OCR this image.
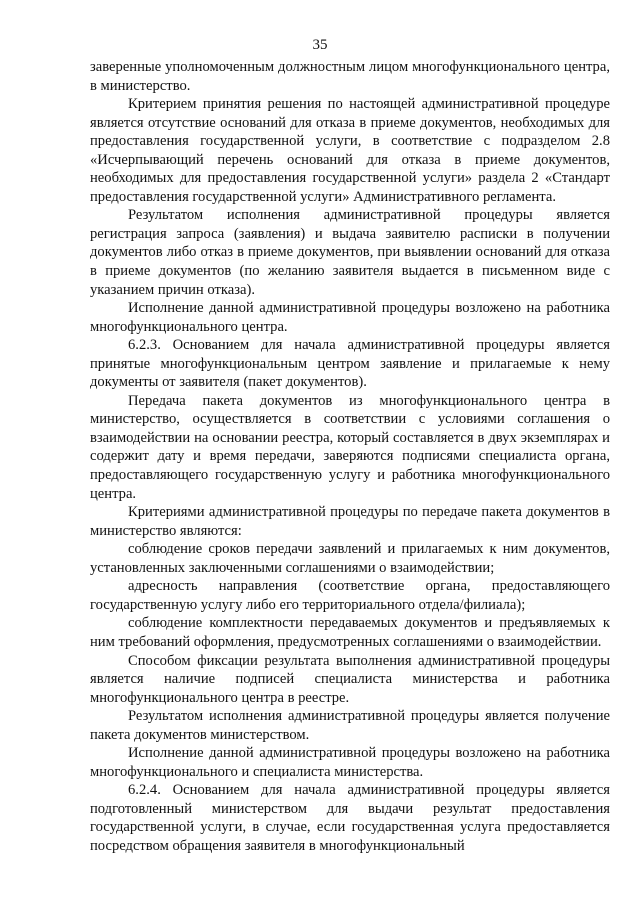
35

заверенные уполномоченным должностным лицом многофункционального центра, в министерство.

Критерием принятия решения по настоящей административной процедуре является отсутствие оснований для отказа в приеме документов, необходимых для предоставления государственной услуги, в соответствие с подразделом 2.8 «Исчерпывающий перечень оснований для отказа в приеме документов, необходимых для предоставления государственной услуги» раздела 2 «Стандарт предоставления государственной услуги» Административного регламента.

Результатом исполнения административной процедуры является регистрация запроса (заявления) и выдача заявителю расписки в получении документов либо отказ в приеме документов, при выявлении оснований для отказа в приеме документов (по желанию заявителя выдается в письменном виде с указанием причин отказа).

Исполнение данной административной процедуры возложено на работника многофункционального центра.

6.2.3. Основанием для начала административной процедуры является принятые многофункциональным центром заявление и прилагаемые к нему документы от заявителя (пакет документов).

Передача пакета документов из многофункционального центра в министерство, осуществляется в соответствии с условиями соглашения о взаимодействии на основании реестра, который составляется в двух экземплярах и содержит дату и время передачи, заверяются подписями специалиста органа, предоставляющего государственную услугу и работника многофункционального центра.

Критериями административной процедуры по передаче пакета документов в министерство являются:

соблюдение сроков передачи заявлений и прилагаемых к ним документов, установленных заключенными соглашениями о взаимодействии;

адресность направления (соответствие органа, предоставляющего государственную услугу либо его территориального отдела/филиала);

соблюдение комплектности передаваемых документов и предъявляемых к ним требований оформления, предусмотренных соглашениями о взаимодействии.

Способом фиксации результата выполнения административной процедуры является наличие подписей специалиста министерства и работника многофункционального центра в реестре.

Результатом исполнения административной процедуры является получение пакета документов министерством.

Исполнение данной административной процедуры возложено на работника многофункционального и специалиста министерства.

6.2.4. Основанием для начала административной процедуры является подготовленный министерством для выдачи результат предоставления государственной услуги, в случае, если государственная услуга предоставляется посредством обращения заявителя в многофункциональный
